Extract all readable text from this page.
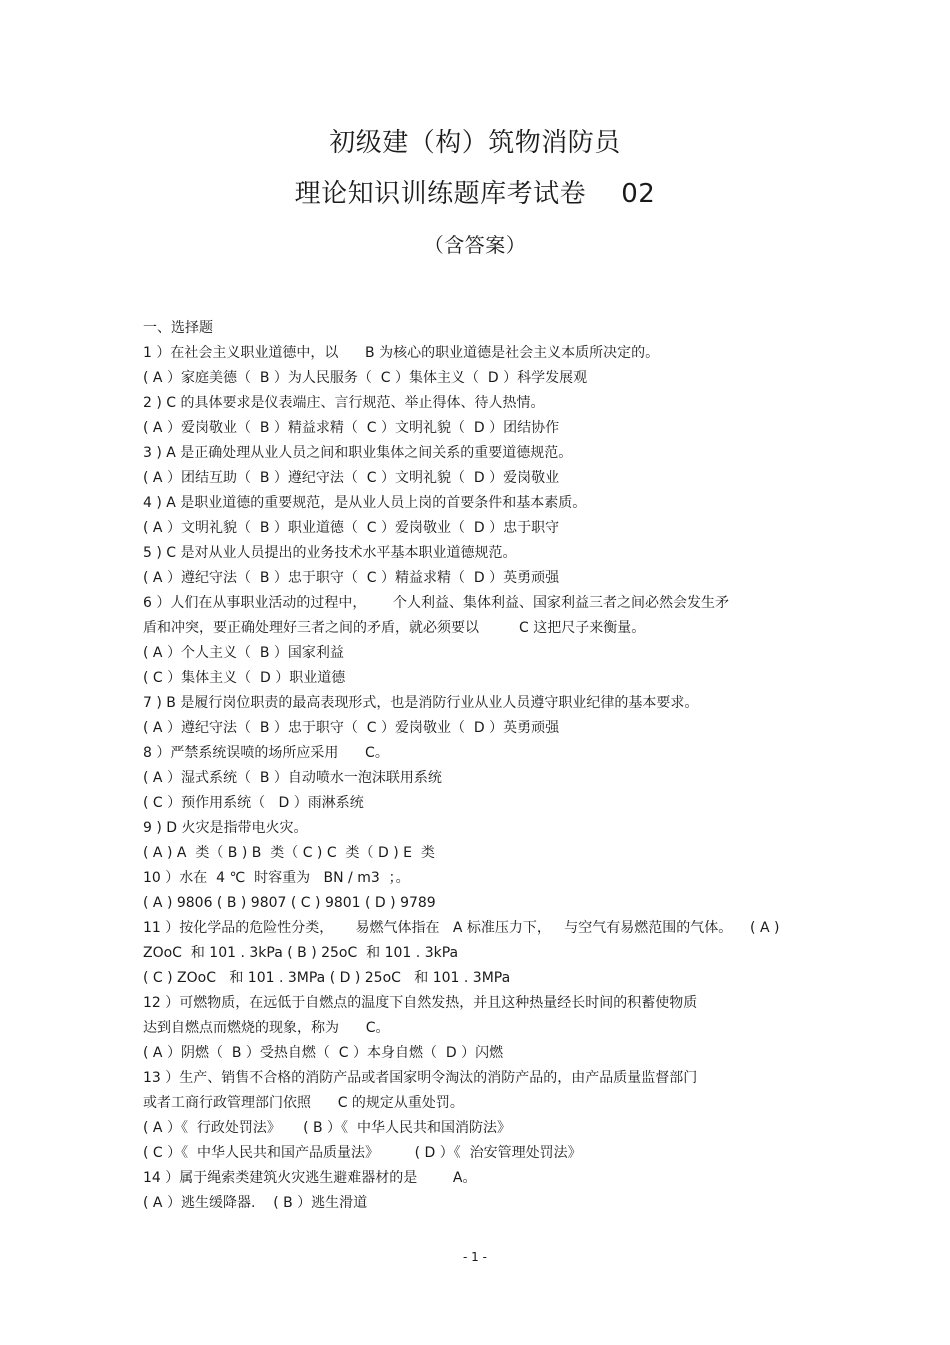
初级建（构）筑物消防员
理论知识训练题库考试卷    02
（含答案）
一、选择题
1 ）在社会主义职业道德中，以      B 为核心的职业道德是社会主义本质所决定的。
( A ）家庭美德（  B ）为人民服务（  C ）集体主义（  D ）科学发展观
2 ) C 的具体要求是仪表端庄、言行规范、举止得体、待人热情。
( A ）爱岗敬业（  B ）精益求精（  C ）文明礼貌（  D ）团结协作
3 ) A 是正确处理从业人员之间和职业集体之间关系的重要道德规范。
( A ）团结互助（  B ）遵纪守法（  C ）文明礼貌（  D ）爱岗敬业
4 ) A 是职业道德的重要规范，是从业人员上岗的首要条件和基本素质。
( A ）文明礼貌（  B ）职业道德（  C ）爱岗敬业（  D ）忠于职守
5 ) C 是对从业人员提出的业务技术水平基本职业道德规范。
( A ）遵纪守法（  B ）忠于职守（  C ）精益求精（  D ）英勇顽强
6 ）人们在从事职业活动的过程中，      个人利益、集体利益、国家利益三者之间必然会发生矛
盾和冲突，要正确处理好三者之间的矛盾，就必须要以         C 这把尺子来衡量。
( A ）个人主义（  B ）国家利益
( C ）集体主义（  D ）职业道德
7 ) B 是履行岗位职责的最高表现形式，也是消防行业从业人员遵守职业纪律的基本要求。
( A ）遵纪守法（  B ）忠于职守（  C ）爱岗敬业（  D ）英勇顽强
8 ）严禁系统误喷的场所应采用      C。
( A ）湿式系统（  B ）自动喷水一泡沫联用系统
( C ）预作用系统（   D ）雨淋系统
9 ) D 火灾是指带电火灾。
( A ) A  类（ B ) B  类（ C ) C  类（ D ) E  类
10 ）水在  4 ℃  时容重为   BN / m3  ；。
( A ) 9806 ( B ) 9807 ( C ) 9801 ( D ) 9789
11 ）按化学品的危险性分类，     易燃气体指在   A 标准压力下，   与空气有易燃范围的气体。    ( A )
ZOoC  和 101 . 3kPa ( B ) 25oC  和 101 . 3kPa
( C ) ZOoC   和 101 . 3MPa ( D ) 25oC   和 101 . 3MPa
12 ）可燃物质，在远低于自燃点的温度下自然发热，并且这种热量经长时间的积蓄使物质
达到自燃点而燃烧的现象，称为      C。
( A ）阴燃（  B ）受热自燃（  C ）本身自燃（  D ）闪燃
13 ）生产、销售不合格的消防产品或者国家明令淘汰的消防产品的，由产品质量监督部门
或者工商行政管理部门依照      C 的规定从重处罚。
( A ）《  行政处罚法》     ( B ）《  中华人民共和国消防法》
( C ）《  中华人民共和国产品质量法》        ( D ）《  治安管理处罚法》
14 ）属于绳索类建筑火灾逃生避难器材的是        A。
( A ）逃生缓降器.    ( B ）逃生滑道
- 1 -
